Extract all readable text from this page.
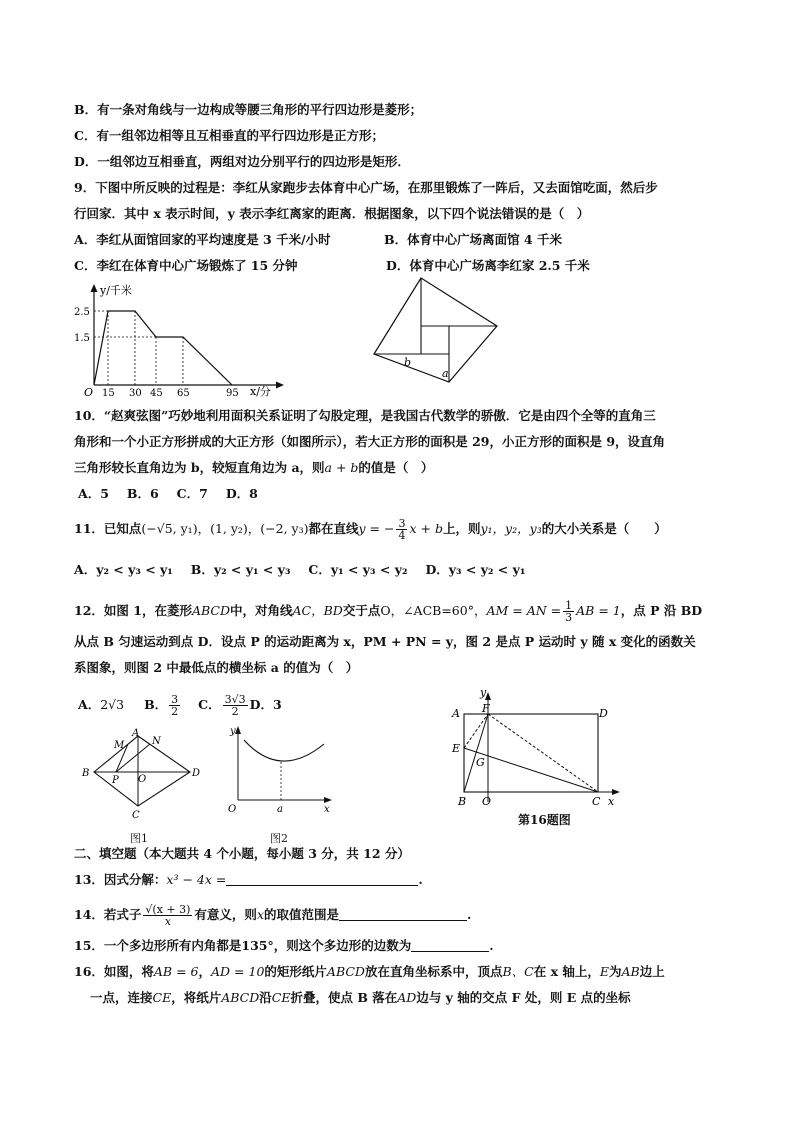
B．有一条对角线与一边构成等腰三角形的平行四边形是菱形；
C．有一组邻边相等且互相垂直的平行四边形是正方形；
D．一组邻边互相垂直，两组对边分别平行的四边形是矩形．
9．下图中所反映的过程是：李红从家跑步去体育中心广场，在那里锻炼了一阵后，又去面馆吃面，然后步
行回家．其中 x 表示时间，y 表示李红离家的距离．根据图象，以下四个说法错误的是（　）
A．李红从面馆回家的平均速度是 3 千米/小时	B．体育中心广场离面馆 4 千米
C．李红在体育中心广场锻炼了 15 分钟	D．体育中心广场离李红家 2.5 千米
y/千米
x/分
O
2.5
1.5
15 30 45 65	95
b
a
10．“赵爽弦图”巧妙地利用面积关系证明了勾股定理，是我国古代数学的骄傲．它是由四个全等的直角三
角形和一个小正方形拼成的大正方形（如图所示），若大正方形的面积是 29，小正方形的面积是 9，设直角
三角形较长直角边为 b，较短直角边为 a，则a + b的值是（　）
A．5 B．6 C．7 D．8
11．已知点(−√5, y₁)，(1, y₂)，(−2, y₃)都在直线y = − $\frac{3}{4}$ x + b上，则y₁，y₂，y₃的大小关系是（　　）
A．y₂ < y₃ < y₁ B．y₂ < y₁ < y₃ C．y₁ < y₃ < y₂ D．y₃ < y₂ < y₁
12．如图 1，在菱形ABCD中，对角线AC，BD交于点O，∠ACB=60°，AM = AN = $\frac{1}{3}$ AB = 1，点 P 沿 BD
从点 B 匀速运动到点 D．设点 P 的运动距离为 x，PM + PN = y，图 2 是点 P 运动时 y 随 x 变化的函数关
系图象，则图 2 中最低点的横坐标 a 的值为（　）
A．2√3 B． $\frac{3}{2}$ C． $\frac{3√3}{2}$ D．3
A
B
C
D
M	N
O
P
图1
y
x
O	a
图2
A F	D
E
G
B O	C x
y
第16题图
二、填空题（本大题共 4 个小题，每小题 3 分，共 12 分）
13．因式分解：x³ − 4x =	.
14．若式子 $\frac{√(x + 3)}{x}$ 有意义，则x的取值范围是	.
15．一个多边形所有内角都是135°，则这个多边形的边数为	.
16．如图，将AB = 6，AD = 10的矩形纸片ABCD放在直角坐标系中，顶点B、C在 x 轴上，E为AB边上
一点，连接CE，将纸片ABCD沿CE折叠，使点 B 落在AD边与 y 轴的交点 F 处，则 E 点的坐标
